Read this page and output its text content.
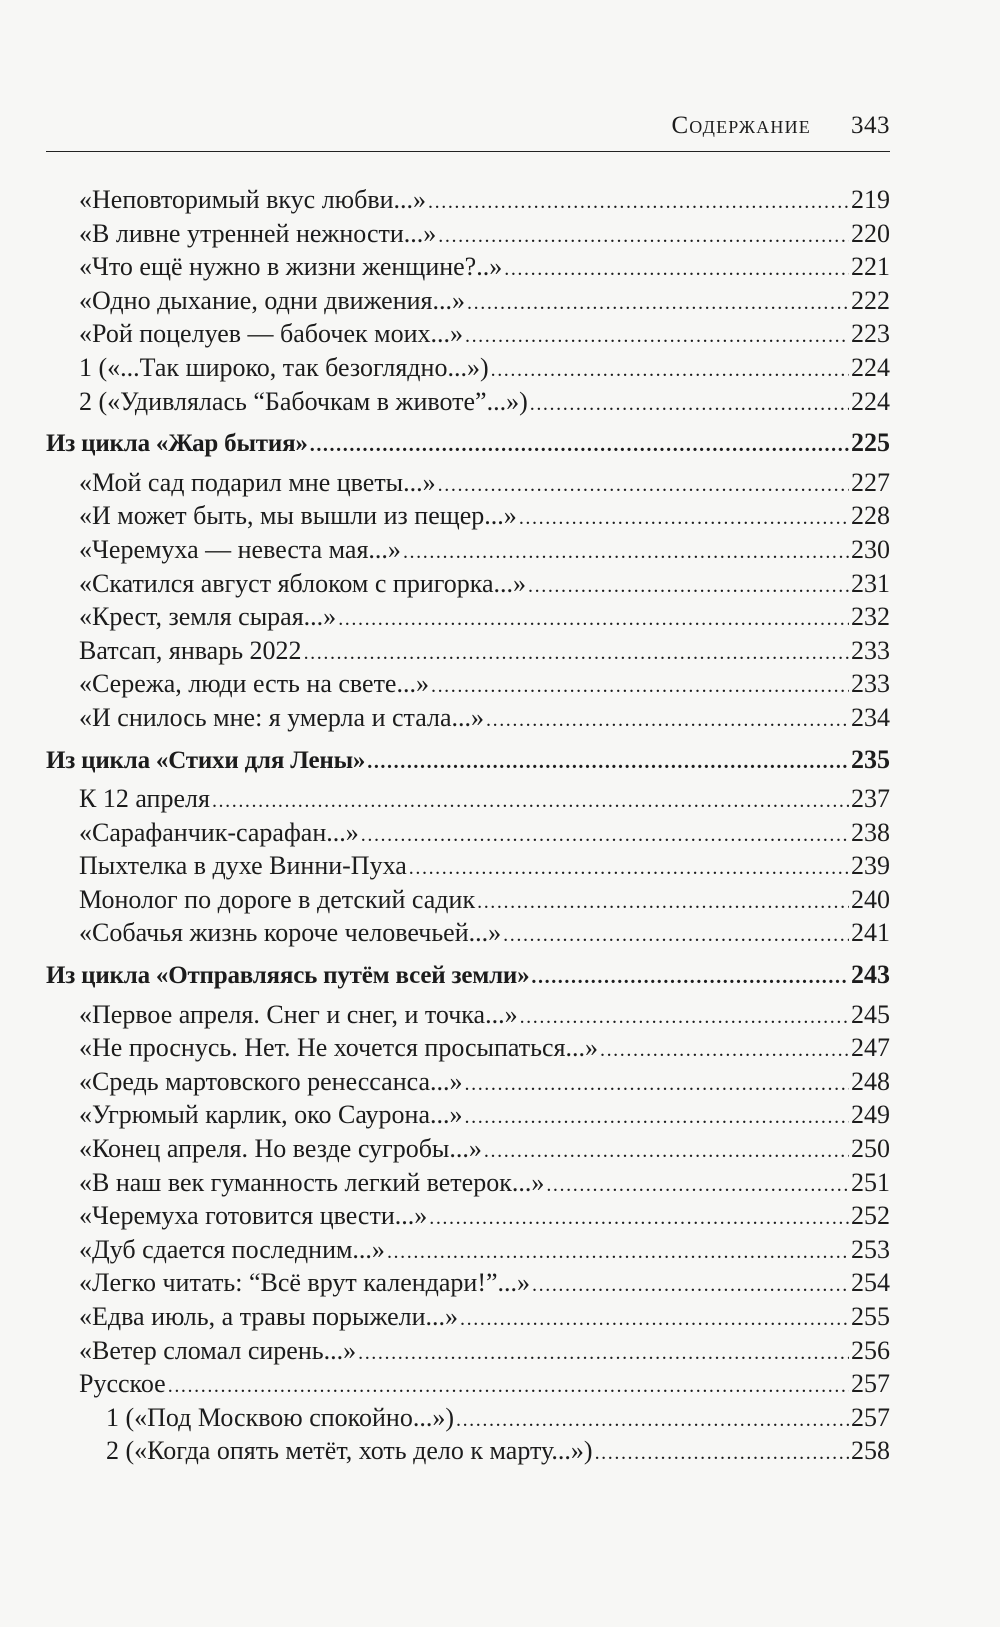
Содержание 343
«Неповторимый вкус любви...» .....	219
«В ливне утренней нежности...» .....	220
«Что ещё нужно в жизни женщине?..» .....	221
«Одно дыхание, одни движения...» .....	222
«Рой поцелуев — бабочек моих...» .....	223
1 («...Так широко, так безоглядно...») .....	224
2 («Удивлялась “Бабочкам в животе”...») .....	224
Из цикла «Жар бытия» .....	225
«Мой сад подарил мне цветы...» .....	227
«И может быть, мы вышли из пещер...» .....	228
«Черемуха — невеста мая...» .....	230
«Скатился август яблоком с пригорка...» .....	231
«Крест, земля сырая...» .....	232
Ватсап, январь 2022 .....	233
«Сережа, люди есть на свете...» .....	233
«И снилось мне: я умерла и стала...» .....	234
Из цикла «Стихи для Лены» .....	235
К 12 апреля .....	237
«Сарафанчик-сарафан...» .....	238
Пыхтелка в духе Винни-Пуха .....	239
Монолог по дороге в детский садик .....	240
«Собачья жизнь короче человечьей...» .....	241
Из цикла «Отправляясь путём всей земли» .....	243
«Первое апреля. Снег и снег, и точка...» .....	245
«Не проснусь. Нет. Не хочется просыпаться...» .....	247
«Средь мартовского ренессанса...» .....	248
«Угрюмый карлик, око Саурона...» .....	249
«Конец апреля. Но везде сугробы...» .....	250
«В наш век гуманность легкий ветерок...» .....	251
«Черемуха готовится цвести...» .....	252
«Дуб сдается последним...» .....	253
«Легко читать: “Всё врут календари!”...» .....	254
«Едва июль, а травы порыжели...» .....	255
«Ветер сломал сирень...» .....	256
Русское .....	257
1 («Под Москвою спокойно...») .....	257
2 («Когда опять метёт, хоть дело к марту...») .....	258
